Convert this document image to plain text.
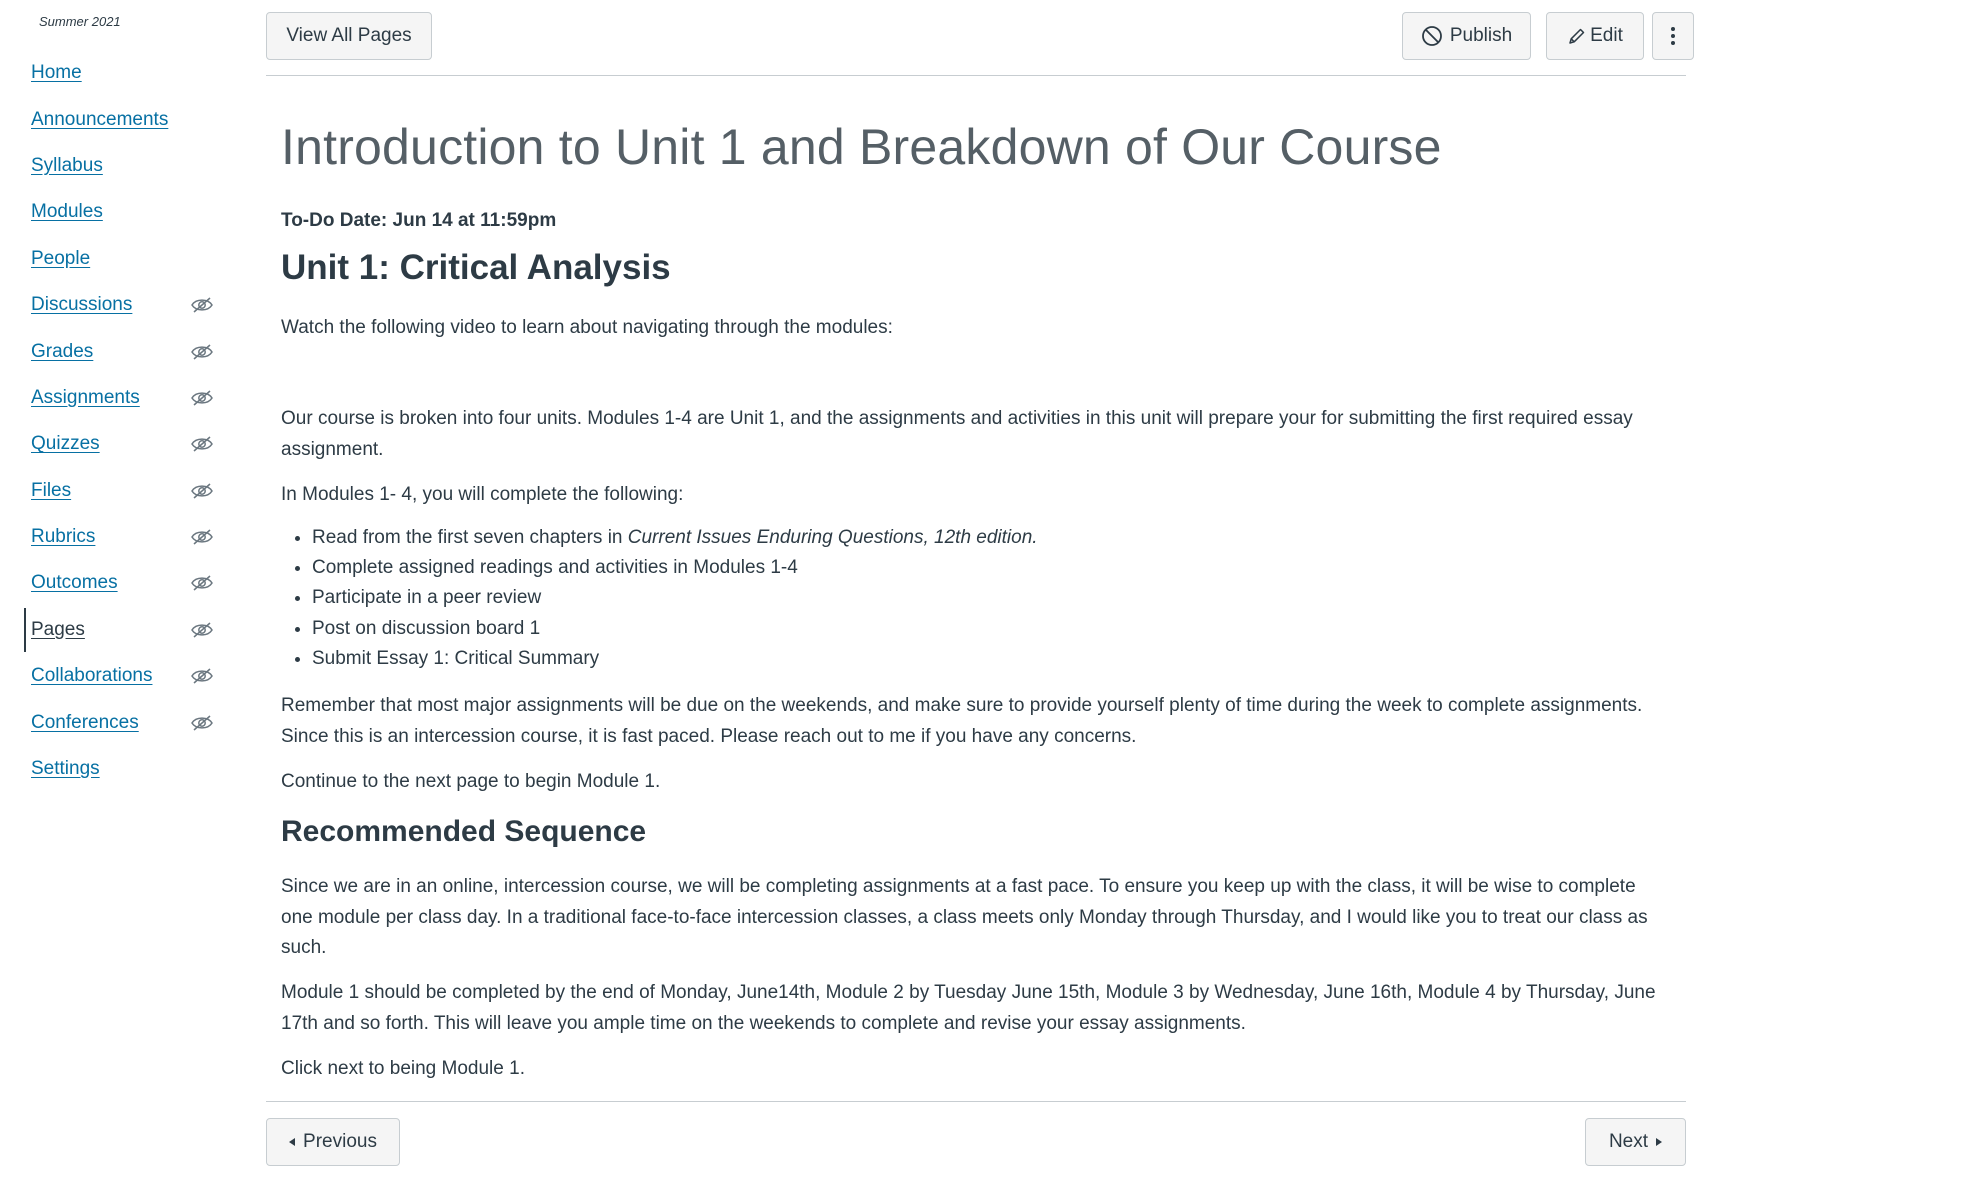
Summer 2021
Home
Announcements
Syllabus
Modules
People
Discussions
Grades
Assignments
Quizzes
Files
Rubrics
Outcomes
Pages
Collaborations
Conferences
Settings
View All Pages	Publish	Edit
Introduction to Unit 1 and Breakdown of Our Course
To-Do Date: Jun 14 at 11:59pm
Unit 1: Critical Analysis

Watch the following video to learn about navigating through the modules:

Our course is broken into four units. Modules 1-4 are Unit 1, and the assignments and activities in this unit will prepare your for submitting the first required essay assignment.

In Modules 1- 4, you will complete the following:

Read from the first seven chapters in Current Issues Enduring Questions, 12th edition.
Complete assigned readings and activities in Modules 1-4
Participate in a peer review
Post on discussion board 1
Submit Essay 1: Critical Summary

Remember that most major assignments will be due on the weekends, and make sure to provide yourself plenty of time during the week to complete assignments. Since this is an intercession course, it is fast paced. Please reach out to me if you have any concerns.

Continue to the next page to begin Module 1.

Recommended Sequence

Since we are in an online, intercession course, we will be completing assignments at a fast pace. To ensure you keep up with the class, it will be wise to complete one module per class day. In a traditional face-to-face intercession classes, a class meets only Monday through Thursday, and I would like you to treat our class as such.

Module 1 should be completed by the end of Monday, June14th, Module 2 by Tuesday June 15th, Module 3 by Wednesday, June 16th, Module 4 by Thursday, June 17th and so forth. This will leave you ample time on the weekends to complete and revise your essay assignments.

Click next to being Module 1.

Previous	Next
